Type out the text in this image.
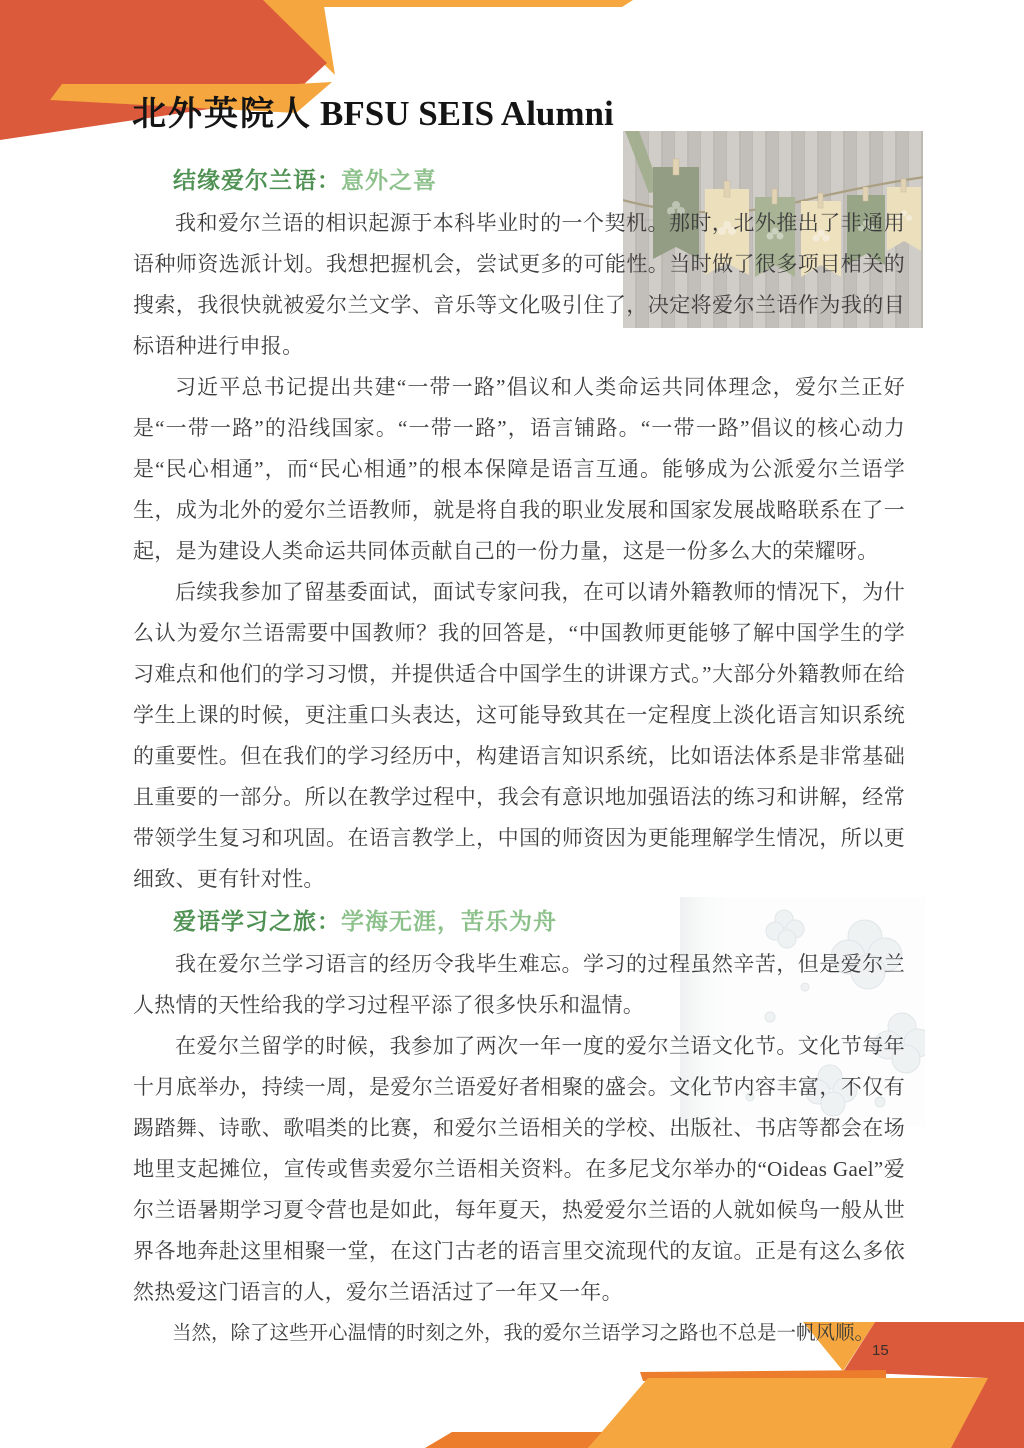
北外英院人 BFSU SEIS Alumni
结缘爱尔兰语：意外之喜

我和爱尔兰语的相识起源于本科毕业时的一个契机。那时，北外推出了非通用语种师资选派计划。我想把握机会，尝试更多的可能性。当时做了很多项目相关的搜索，我很快就被爱尔兰文学、音乐等文化吸引住了，决定将爱尔兰语作为我的目标语种进行申报。

习近平总书记提出共建“一带一路”倡议和人类命运共同体理念，爱尔兰正好是“一带一路”的沿线国家。“一带一路”，语言铺路。“一带一路”倡议的核心动力是“民心相通”，而“民心相通”的根本保障是语言互通。能够成为公派爱尔兰语学生，成为北外的爱尔兰语教师，就是将自我的职业发展和国家发展战略联系在了一起，是为建设人类命运共同体贡献自己的一份力量，这是一份多么大的荣耀呀。

后续我参加了留基委面试，面试专家问我，在可以请外籍教师的情况下，为什么认为爱尔兰语需要中国教师？我的回答是，“中国教师更能够了解中国学生的学习难点和他们的学习习惯，并提供适合中国学生的讲课方式。”大部分外籍教师在给学生上课的时候，更注重口头表达，这可能导致其在一定程度上淡化语言知识系统的重要性。但在我们的学习经历中，构建语言知识系统，比如语法体系是非常基础且重要的一部分。所以在教学过程中，我会有意识地加强语法的练习和讲解，经常带领学生复习和巩固。在语言教学上，中国的师资因为更能理解学生情况，所以更细致、更有针对性。

爱语学习之旅：学海无涯，苦乐为舟

我在爱尔兰学习语言的经历令我毕生难忘。学习的过程虽然辛苦，但是爱尔兰人热情的天性给我的学习过程平添了很多快乐和温情。

在爱尔兰留学的时候，我参加了两次一年一度的爱尔兰语文化节。文化节每年十月底举办，持续一周，是爱尔兰语爱好者相聚的盛会。文化节内容丰富，不仅有踢踏舞、诗歌、歌唱类的比赛，和爱尔兰语相关的学校、出版社、书店等都会在场地里支起摊位，宣传或售卖爱尔兰语相关资料。在多尼戈尔举办的“Oideas Gael”爱尔兰语暑期学习夏令营也是如此，每年夏天，热爱爱尔兰语的人就如候鸟一般从世界各地奔赴这里相聚一堂，在这门古老的语言里交流现代的友谊。正是有这么多依然热爱这门语言的人，爱尔兰语活过了一年又一年。

当然，除了这些开心温情的时刻之外，我的爱尔兰语学习之路也不总是一帆风顺。

15
